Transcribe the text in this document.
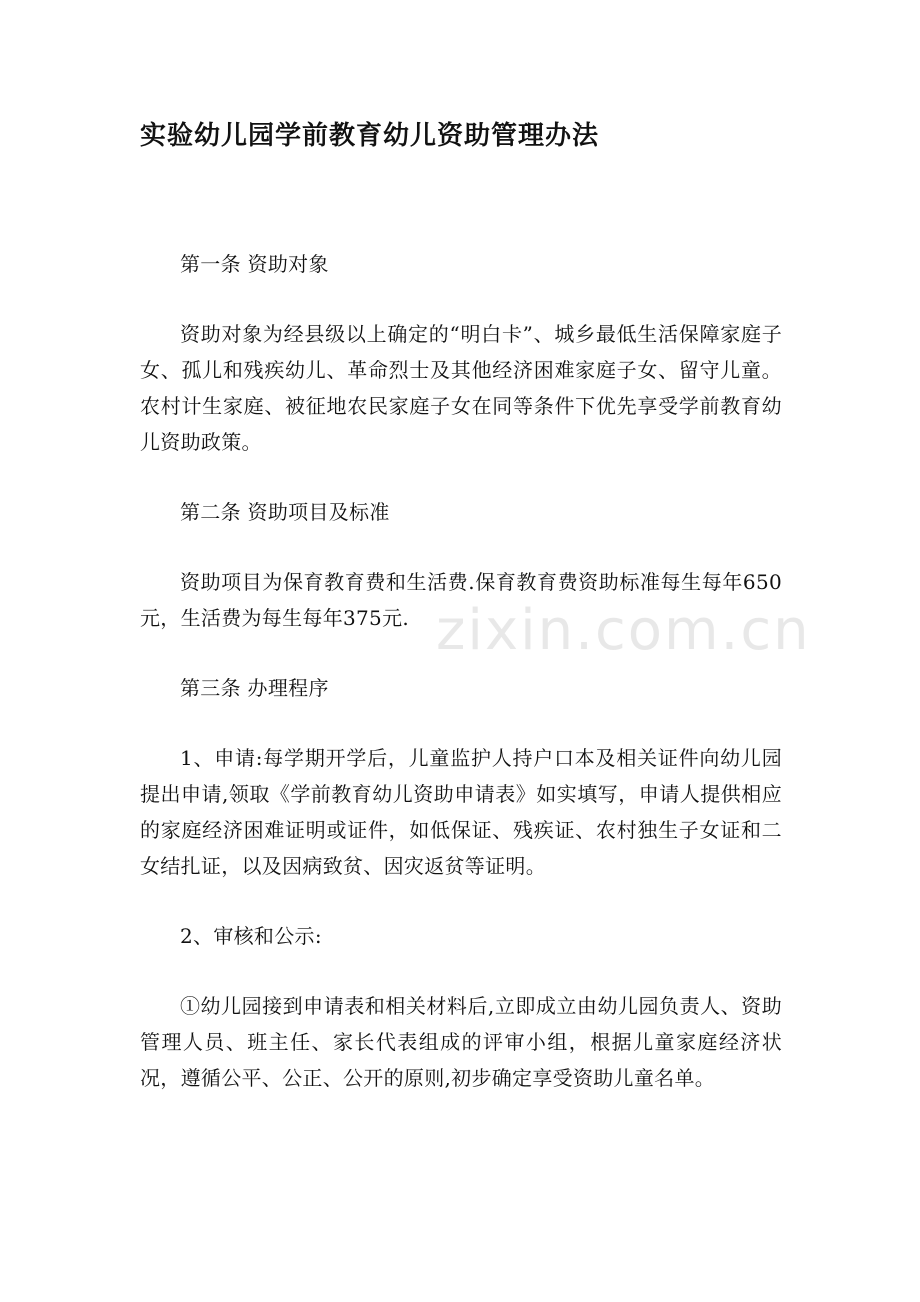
实验幼儿园学前教育幼儿资助管理办法

第一条 资助对象

资助对象为经县级以上确定的“明白卡”、城乡最低生活保障家庭子女、孤儿和残疾幼儿、革命烈士及其他经济困难家庭子女、留守儿童。农村计生家庭、被征地农民家庭子女在同等条件下优先享受学前教育幼儿资助政策。

第二条 资助项目及标准

资助项目为保育教育费和生活费.保育教育费资助标准每生每年650元，生活费为每生每年375元.

第三条 办理程序

1、申请:每学期开学后，儿童监护人持户口本及相关证件向幼儿园提出申请,领取《学前教育幼儿资助申请表》如实填写，申请人提供相应的家庭经济困难证明或证件，如低保证、残疾证、农村独生子女证和二女结扎证，以及因病致贫、因灾返贫等证明。

2、审核和公示:

①幼儿园接到申请表和相关材料后,立即成立由幼儿园负责人、资助管理人员、班主任、家长代表组成的评审小组，根据儿童家庭经济状况，遵循公平、公正、公开的原则,初步确定享受资助儿童名单。

zixin.com.cn
